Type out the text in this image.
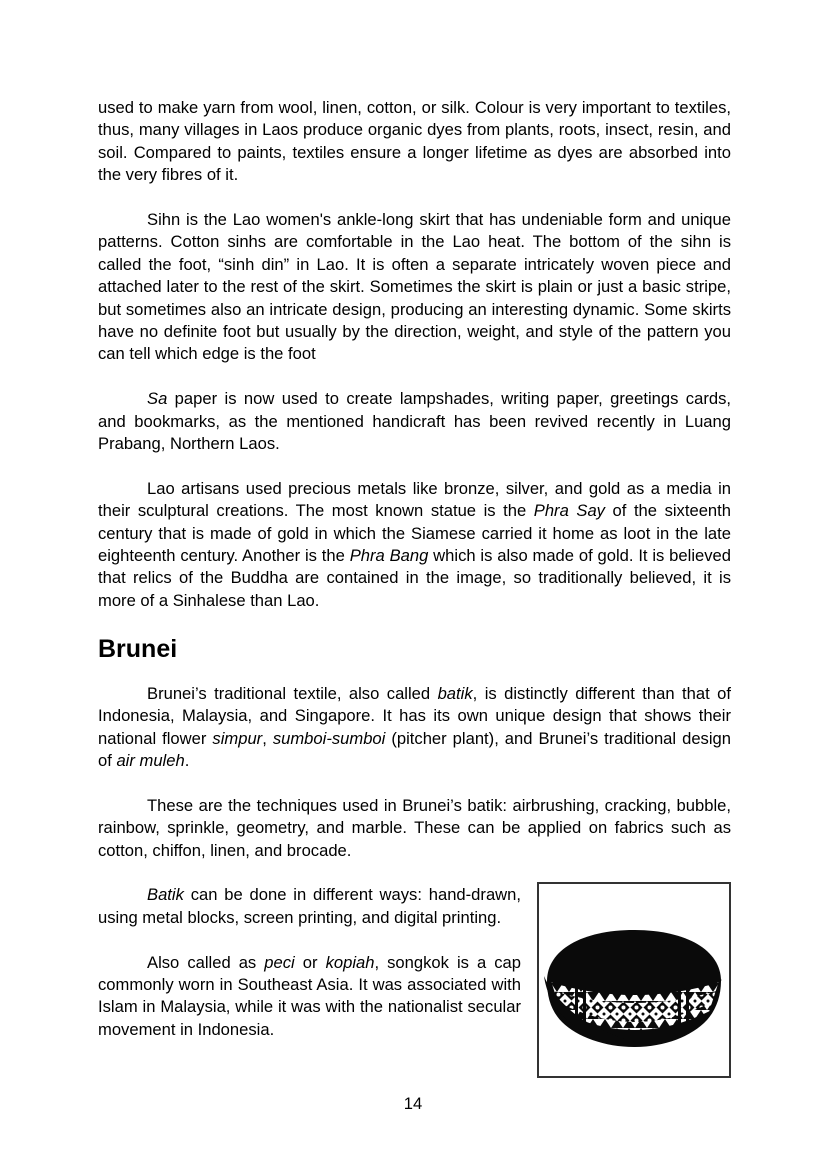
used to make yarn from wool, linen, cotton, or silk. Colour is very important to textiles, thus, many villages in Laos produce organic dyes from plants, roots, insect, resin, and soil. Compared to paints, textiles ensure a longer lifetime as dyes are absorbed into the very fibres of it.

Sihn is the Lao women's ankle-long skirt that has undeniable form and unique patterns. Cotton sinhs are comfortable in the Lao heat. The bottom of the sihn is called the foot, “sinh din” in Lao. It is often a separate intricately woven piece and attached later to the rest of the skirt. Sometimes the skirt is plain or just a basic stripe, but sometimes also an intricate design, producing an interesting dynamic. Some skirts have no definite foot but usually by the direction, weight, and style of the pattern you can tell which edge is the foot

Sa paper is now used to create lampshades, writing paper, greetings cards, and bookmarks, as the mentioned handicraft has been revived recently in Luang Prabang, Northern Laos.

Lao artisans used precious metals like bronze, silver, and gold as a media in their sculptural creations. The most known statue is the Phra Say of the sixteenth century that is made of gold in which the Siamese carried it home as loot in the late eighteenth century. Another is the Phra Bang which is also made of gold. It is believed that relics of the Buddha are contained in the image, so traditionally believed, it is more of a Sinhalese than Lao.

Brunei

Brunei’s traditional textile, also called batik, is distinctly different than that of Indonesia, Malaysia, and Singapore. It has its own unique design that shows their national flower simpur, sumboi-sumboi (pitcher plant), and Brunei’s traditional design of air muleh.

These are the techniques used in Brunei’s batik: airbrushing, cracking, bubble, rainbow, sprinkle, geometry, and marble. These can be applied on fabrics such as cotton, chiffon, linen, and brocade.

Batik can be done in different ways: hand-drawn, using metal blocks, screen printing, and digital printing.

Also called as peci or kopiah, songkok is a cap commonly worn in Southeast Asia. It was associated with Islam in Malaysia, while it was with the nationalist secular movement in Indonesia.

14
